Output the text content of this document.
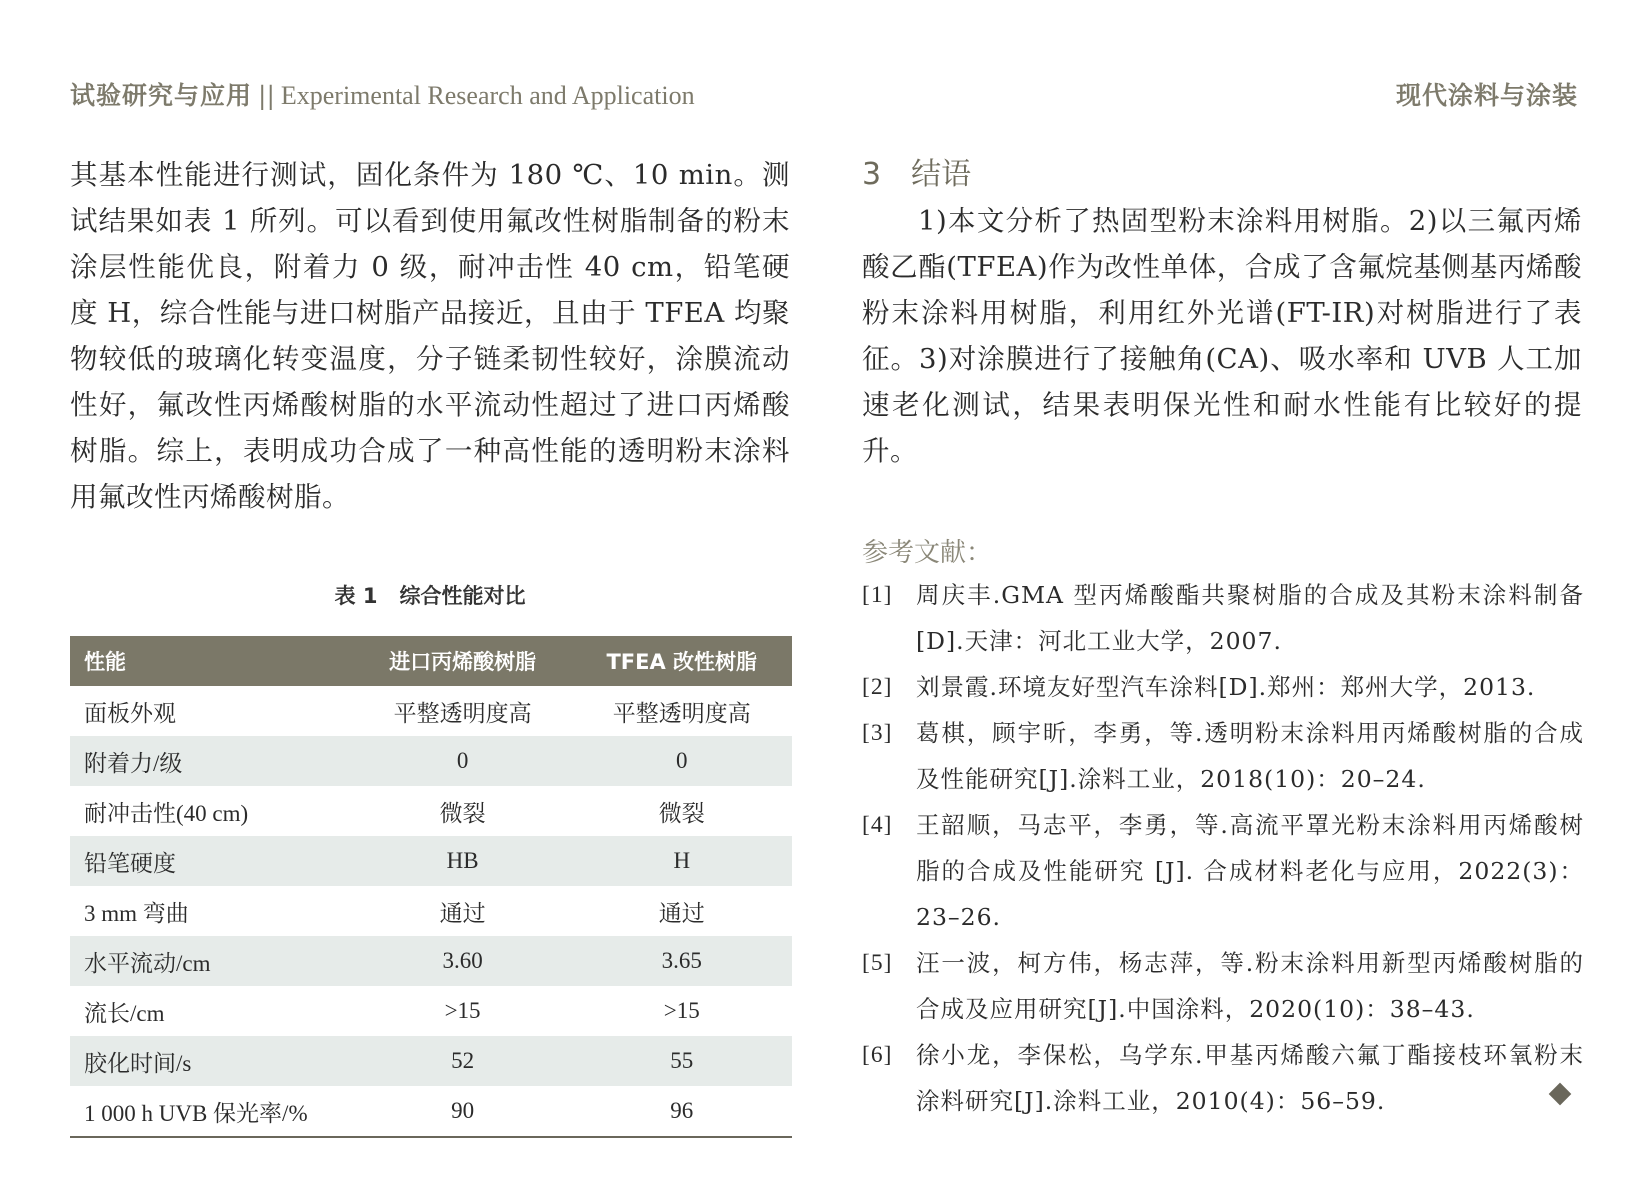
试验研究与应用 || Experimental Research and Application	现代涂料与涂装

其基本性能进行测试，固化条件为 180 ℃、10 min。测试结果如表 1 所列。可以看到使用氟改性树脂制备的粉末涂层性能优良，附着力 0 级，耐冲击性 40 cm，铅笔硬度 H，综合性能与进口树脂产品接近，且由于 TFEA 均聚物较低的玻璃化转变温度，分子链柔韧性较好，涂膜流动性好，氟改性丙烯酸树脂的水平流动性超过了进口丙烯酸树脂。综上，表明成功合成了一种高性能的透明粉末涂料用氟改性丙烯酸树脂。

表 1 综合性能对比
性能	进口丙烯酸树脂	TFEA 改性树脂
面板外观	平整透明度高	平整透明度高
附着力/级	0	0
耐冲击性(40 cm)	微裂	微裂
铅笔硬度	HB	H
3 mm 弯曲	通过	通过
水平流动/cm	3.60	3.65
流长/cm	>15	>15
胶化时间/s	52	55
1 000 h UVB 保光率/%	90	96
3 结语

1)本文分析了热固型粉末涂料用树脂。2)以三氟丙烯酸乙酯(TFEA)作为改性单体，合成了含氟烷基侧基丙烯酸粉末涂料用树脂，利用红外光谱(FT-IR)对树脂进行了表征。3)对涂膜进行了接触角(CA)、吸水率和 UVB 人工加速老化测试，结果表明保光性和耐水性能有比较好的提升。

参考文献：
[1]	周庆丰.GMA 型丙烯酸酯共聚树脂的合成及其粉末涂料制备[D].天津：河北工业大学，2007.
[2]	刘景霞.环境友好型汽车涂料[D].郑州：郑州大学，2013.
[3]	葛棋，顾宇昕，李勇，等.透明粉末涂料用丙烯酸树脂的合成及性能研究[J].涂料工业，2018(10)：20–24.
[4]	王韶顺，马志平，李勇，等.高流平罩光粉末涂料用丙烯酸树脂的合成及性能研究 [J]. 合成材料老化与应用，2022(3)：23–26.
[5]	汪一波，柯方伟，杨志萍，等.粉末涂料用新型丙烯酸树脂的合成及应用研究[J].中国涂料，2020(10)：38–43.
[6]	徐小龙，李保松，乌学东.甲基丙烯酸六氟丁酯接枝环氧粉末涂料研究[J].涂料工业，2010(4)：56–59.
